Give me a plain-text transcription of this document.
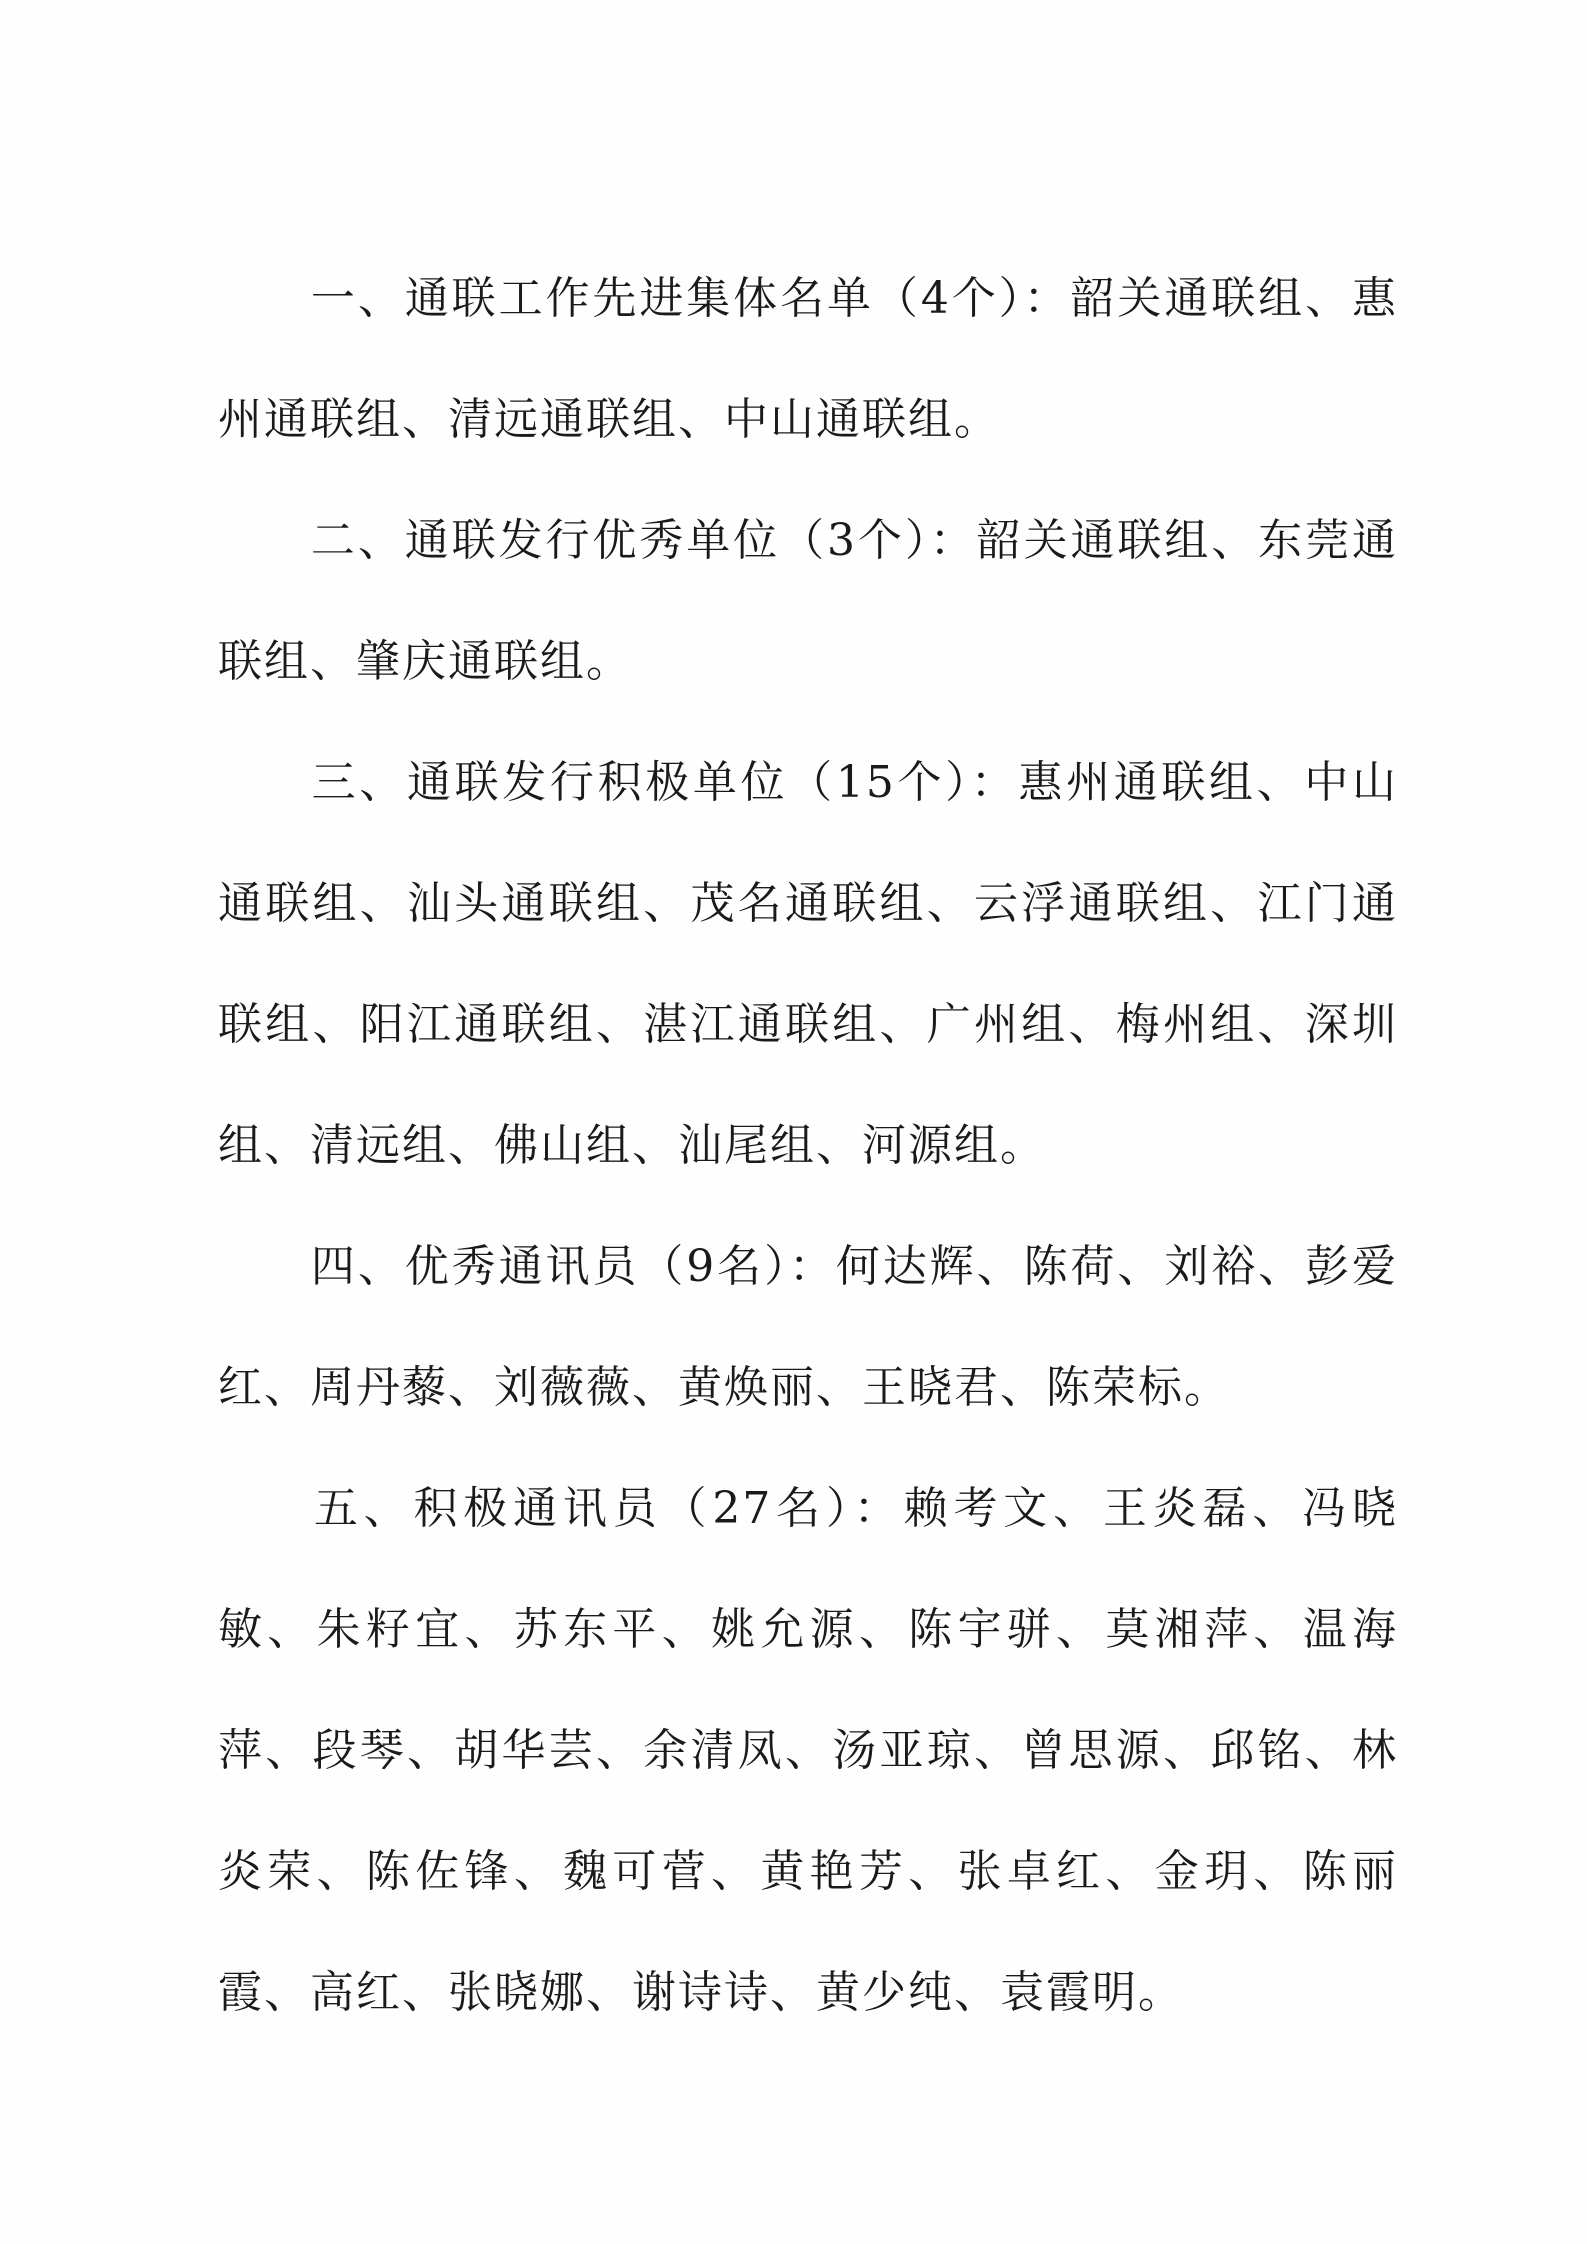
一、通联工作先进集体名单（4个）：韶关通联组、惠州通联组、清远通联组、中山通联组。

二、通联发行优秀单位（3个）：韶关通联组、东莞通联组、肇庆通联组。

三、通联发行积极单位（15个）：惠州通联组、中山通联组、汕头通联组、茂名通联组、云浮通联组、江门通联组、阳江通联组、湛江通联组、广州组、梅州组、深圳组、清远组、佛山组、汕尾组、河源组。

四、优秀通讯员（9名）：何达辉、陈荷、刘裕、彭爱红、周丹藜、刘薇薇、黄焕丽、王晓君、陈荣标。

五、积极通讯员（27名）：赖考文、王炎磊、冯晓敏、朱籽宜、苏东平、姚允源、陈宇骈、莫湘萍、温海萍、段琴、胡华芸、余清凤、汤亚琼、曾思源、邱铭、林炎荣、陈佐锋、魏可菅、黄艳芳、张卓红、金玥、陈丽霞、高红、张晓娜、谢诗诗、黄少纯、袁霞明。
